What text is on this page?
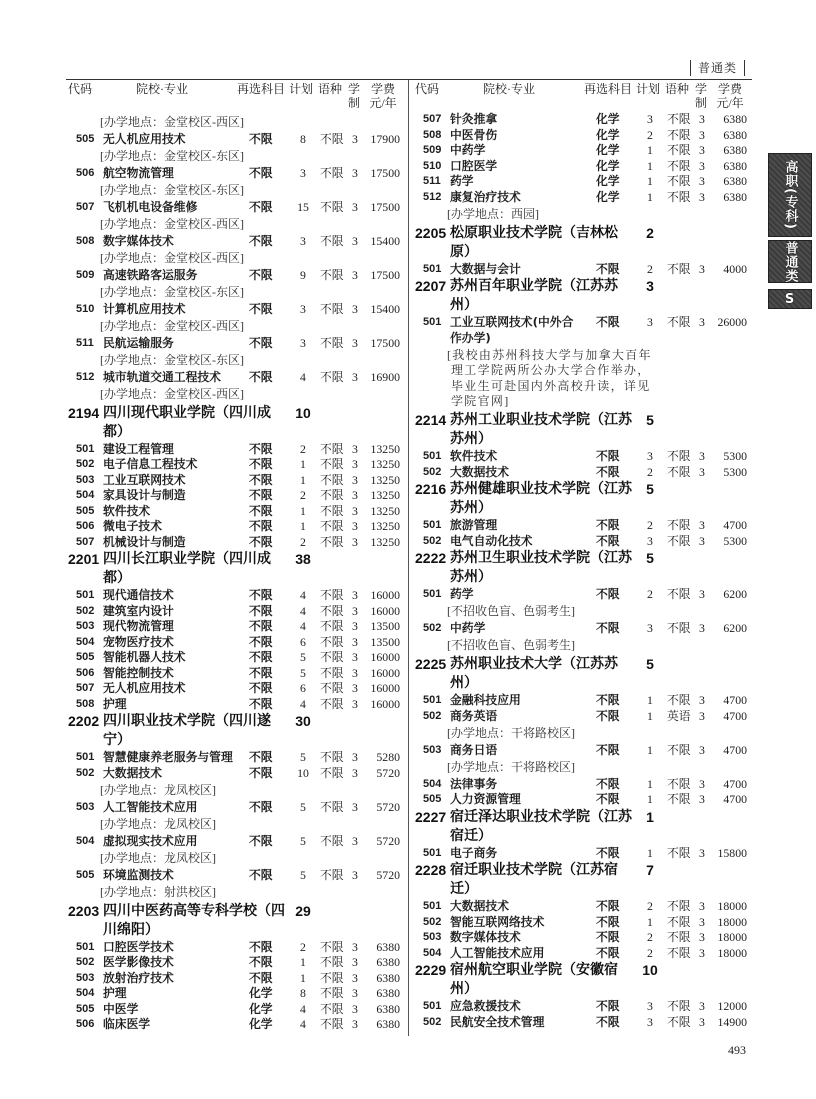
普通类
代码	院校·专业	再选科目 计划 语种 学
制
学费
元/年
代码	院校·专业	再选科目 计划 语种 学
制
学费
元/年
[办学地点：金堂校区-西区]
505 无人机应用技术	不限	8	不限 3 17900
[办学地点：金堂校区-东区]
506 航空物流管理	不限	3	不限 3 17500
[办学地点：金堂校区-东区]
507 飞机机电设备维修	不限	15 不限 3 17500
[办学地点：金堂校区-西区]
508 数字媒体技术	不限	3	不限 3 15400
[办学地点：金堂校区-西区]
509 高速铁路客运服务	不限	9	不限 3 17500
[办学地点：金堂校区-东区]
510 计算机应用技术	不限	3	不限 3 15400
[办学地点：金堂校区-西区]
511 民航运输服务	不限	3	不限 3 17500
[办学地点：金堂校区-东区]
512 城市轨道交通工程技术 不限	4	不限 3 16900
[办学地点：金堂校区-西区]
2194 四川现代职业学院（四川成
都）
10
501 建设工程管理	不限	2	不限 3 13250
502 电子信息工程技术	不限	1	不限 3 13250
503 工业互联网技术	不限	1	不限 3 13250
504 家具设计与制造	不限	2	不限 3 13250
505 软件技术	不限	1	不限 3 13250
506 微电子技术	不限	1	不限 3 13250
507 机械设计与制造	不限	2	不限 3 13250
2201 四川长江职业学院（四川成
都）
38
501 现代通信技术	不限	4	不限 3 16000
502 建筑室内设计	不限	4	不限 3 16000
503 现代物流管理	不限	4	不限 3 13500
504 宠物医疗技术	不限	6	不限 3 13500
505 智能机器人技术	不限	5	不限 3 16000
506 智能控制技术	不限	5	不限 3 16000
507 无人机应用技术	不限	6	不限 3 16000
508 护理	不限	4	不限 3 16000
2202 四川职业技术学院（四川遂
宁）
30
501 智慧健康养老服务与管理 不限	5	不限 3 5280
502 大数据技术	不限	10 不限 3 5720
[办学地点：龙凤校区]
503 人工智能技术应用	不限	5	不限 3 5720
[办学地点：龙凤校区]
504 虚拟现实技术应用	不限	5	不限 3 5720
[办学地点：龙凤校区]
505 环境监测技术	不限	5	不限 3 5720
[办学地点：射洪校区]
2203 四川中医药高等专科学校（四
川绵阳）
29
501 口腔医学技术	不限	2	不限 3 6380
502 医学影像技术	不限	1	不限 3 6380
503 放射治疗技术	不限	1	不限 3 6380
504 护理	化学	8	不限 3 6380
505 中医学	化学	4	不限 3 6380
506 临床医学	化学	4	不限 3 6380
507 针灸推拿	化学	3	不限 3 6380
508 中医骨伤	化学	2	不限 3 6380
509 中药学	化学	1	不限 3 6380
510 口腔医学	化学	1	不限 3 6380
511 药学	化学	1	不限 3 6380
512 康复治疗技术	化学	1	不限 3 6380
[办学地点：西园]
2205 松原职业技术学院（吉林松
原）
2
501 大数据与会计	不限	2	不限 3 4000
2207 苏州百年职业学院（江苏苏
州）
3
501 工业互联网技术(中外合
作办学)
不限	3	不限 3 26000
[我校由苏州科技大学与加拿大百年
理工学院两所公办大学合作举办，
毕业生可赴国内外高校升读，详见
学院官网]
2214 苏州工业职业技术学院（江苏
苏州）
5
501 软件技术	不限	3	不限 3 5300
502 大数据技术	不限	2	不限 3 5300
2216 苏州健雄职业技术学院（江苏
苏州）
5
501 旅游管理	不限	2	不限 3 4700
502 电气自动化技术	不限	3	不限 3 5300
2222 苏州卫生职业技术学院（江苏
苏州）
5
501 药学	不限	2	不限 3 6200
[不招收色盲、色弱考生]
502 中药学	不限	3	不限 3 6200
[不招收色盲、色弱考生]
2225 苏州职业技术大学（江苏苏
州）
5
501 金融科技应用	不限	1	不限 3 4700
502 商务英语	不限	1	英语 3 4700
[办学地点：干将路校区]
503 商务日语	不限	1	不限 3 4700
[办学地点：干将路校区]
504 法律事务	不限	1	不限 3 4700
505 人力资源管理	不限	1	不限 3 4700
2227 宿迁泽达职业技术学院（江苏
宿迁）
1
501 电子商务	不限	1	不限 3 15800
2228 宿迁职业技术学院（江苏宿
迁）
7
501 大数据技术	不限	2	不限 3 18000
502 智能互联网络技术	不限	1	不限 3 18000
503 数字媒体技术	不限	2	不限 3 18000
504 人工智能技术应用	不限	2	不限 3 18000
2229 宿州航空职业学院（安徽宿
州）
10
501 应急救援技术	不限	3	不限 3 12000
502 民航安全技术管理	不限	3	不限 3 14900
高职(专科)
普通类
S
493
